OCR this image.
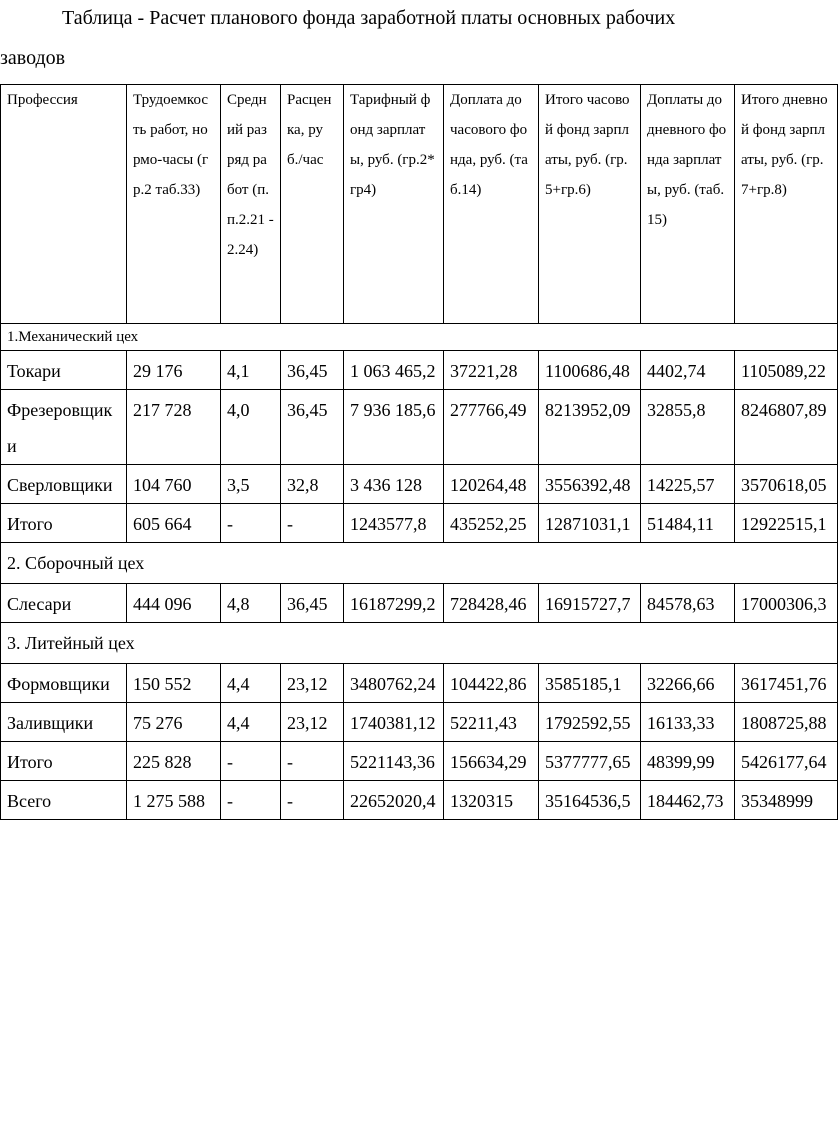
Таблица - Расчет планового фонда заработной платы основных рабочих
заводов
Профессия	Трудоемкость работ, нормо-часы (гр.2 таб.33)	Средний разряд работ (п.п.2.21 - 2.24)	Расценка, руб./час	Тарифный фонд зарплаты, руб. (гр.2*гр4)	Доплата до часового фонда, руб. (таб.14)	Итого часовой фонд зарплаты, руб. (гр.5+гр.6)	Доплаты до дневного фонда зарплаты, руб. (таб.15)	Итого дневной фонд зарплаты, руб. (гр.7+гр.8)
1.Механический цех								
Токари	29 176	4,1	36,45	1 063 465,2	37221,28	1100686,48	4402,74	1105089,22
Фрезеровщики	217 728	4,0	36,45	7 936 185,6	277766,49	8213952,09	32855,8	8246807,89
Сверловщики	104 760	3,5	32,8	3 436 128	120264,48	3556392,48	14225,57	3570618,05
Итого	605 664	-	-	1243577,8	435252,25	12871031,1	51484,11	12922515,1
2. Сборочный цех								
Слесари	444 096	4,8	36,45	16187299,2	728428,46	16915727,7	84578,63	17000306,3
3. Литейный цех								
Формовщики	150 552	4,4	23,12	3480762,24	104422,86	3585185,1	32266,66	3617451,76
Заливщики	75 276	4,4	23,12	1740381,12	52211,43	1792592,55	16133,33	1808725,88
Итого	225 828	-	-	5221143,36	156634,29	5377777,65	48399,99	5426177,64
Всего	1 275 588	-	-	22652020,4	1320315	35164536,5	184462,73	35348999
